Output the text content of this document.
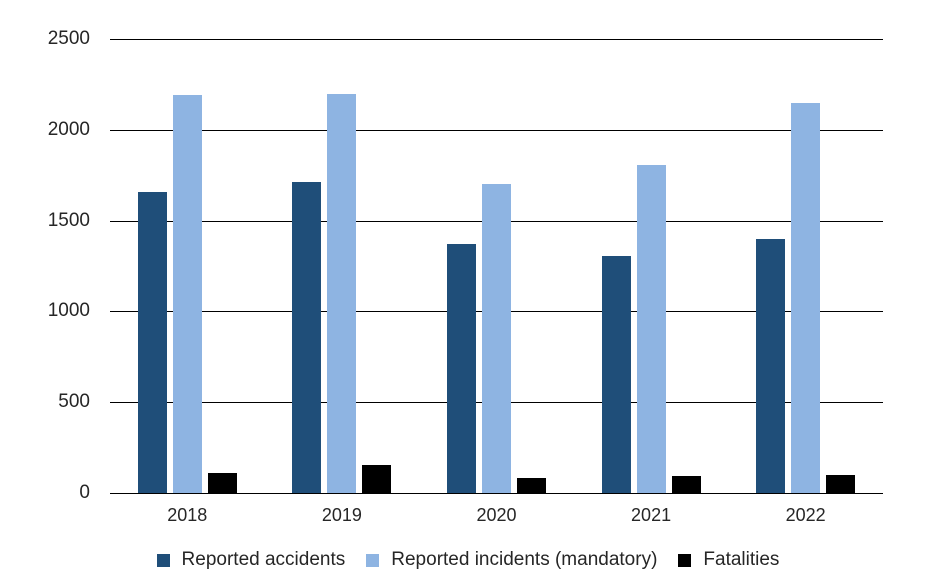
0
500
1000
1500
2000
2500
2018	2019	2020	2021	2022
Reported accidents Reported incidents (mandatory) Fatalities
